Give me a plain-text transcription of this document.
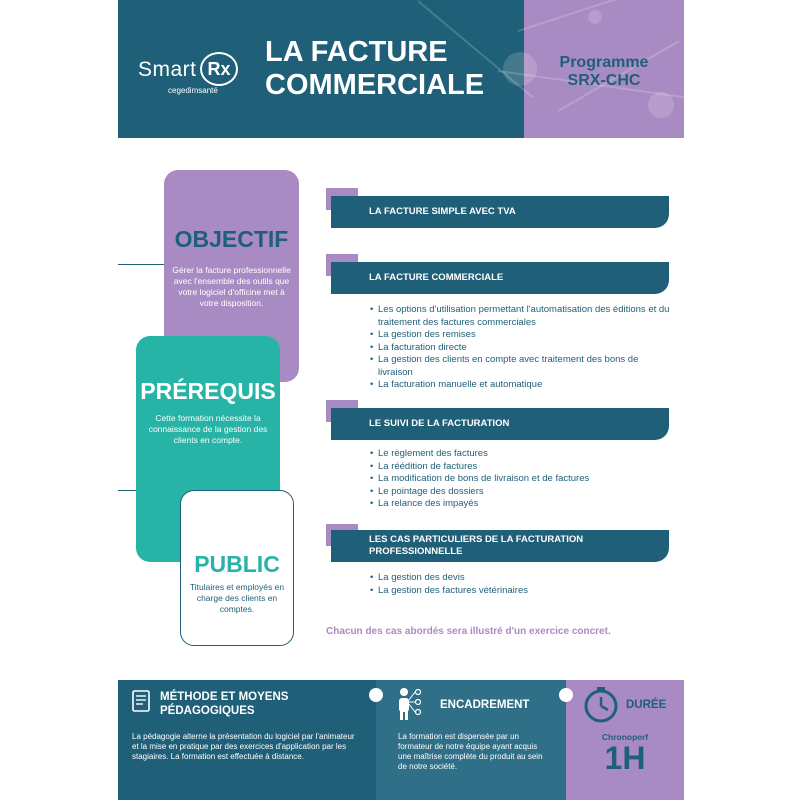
Smart Rx
cegedimsanté
LA FACTURE COMMERCIALE
Programme SRX-CHC
OBJECTIF
Gérer la facture professionnelle avec l'ensemble des outils que votre logiciel d'officine met à votre disposition.
PRÉREQUIS
Cette formation nécessite la connaissance de la gestion des clients en compte.
PUBLIC
Titulaires et employés en charge des clients en comptes.
LA FACTURE SIMPLE AVEC TVA
LA FACTURE COMMERCIALE
• Les options d'utilisation permettant l'automatisation des éditions et du traitement des factures commerciales
• La gestion des remises
• La facturation directe
• La gestion des clients en compte avec traitement des bons de livraison
• La facturation manuelle et automatique
LE SUIVI DE LA FACTURATION
• Le règlement des factures
• La réédition de factures
• La modification de bons de livraison et de factures
• Le pointage des dossiers
• La relance des impayés
LES CAS PARTICULIERS DE LA FACTURATION PROFESSIONNELLE
• La gestion des devis
• La gestion des factures vétérinaires
Chacun des cas abordés sera illustré d'un exercice concret.
MÉTHODE ET MOYENS PÉDAGOGIQUES
La pédagogie alterne la présentation du logiciel par l'animateur et la mise en pratique par des exercices d'application par les stagiaires. La formation est effectuée à distance.
ENCADREMENT
La formation est dispensée par un formateur de notre équipe ayant acquis une maîtrise complète du produit au sein de notre société.
DURÉE
Chronoperf
1H
